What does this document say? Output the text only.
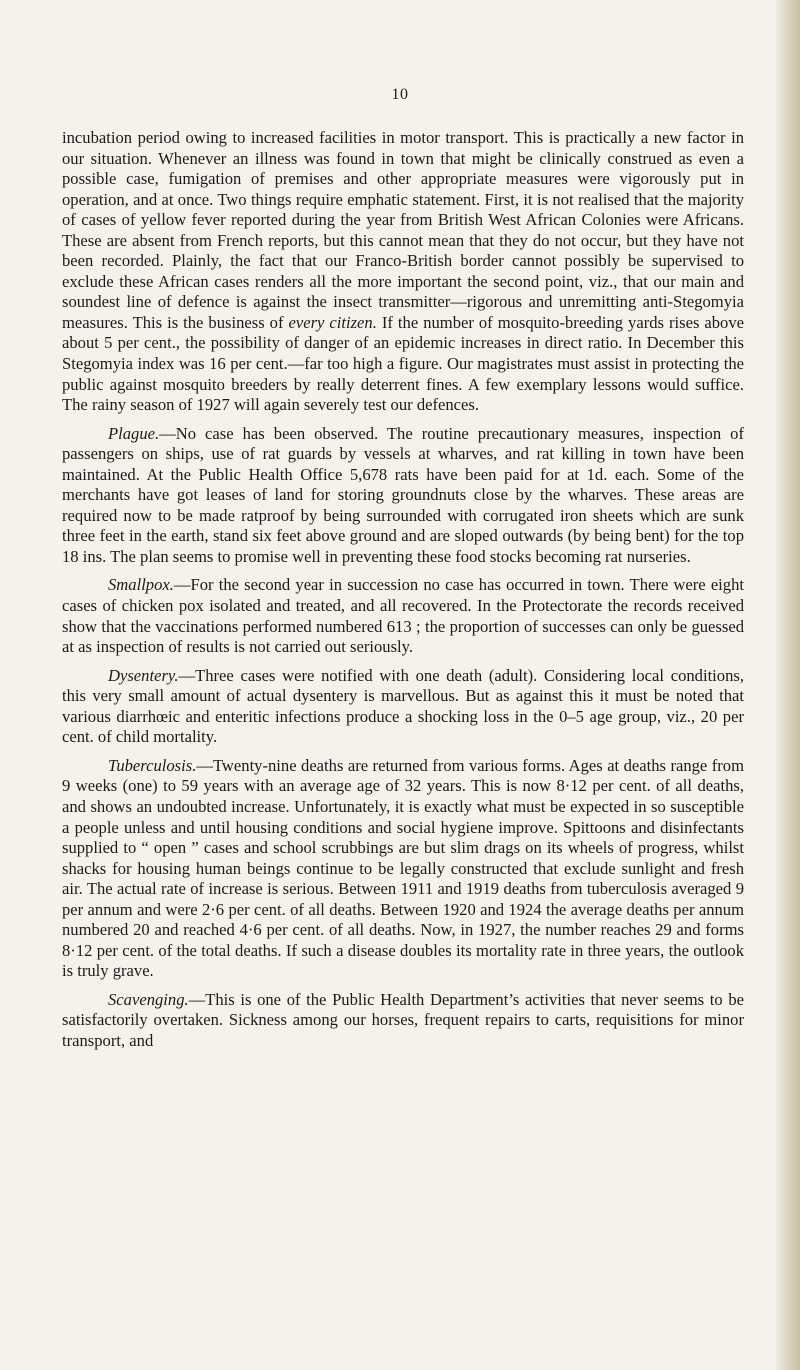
10

incubation period owing to increased facilities in motor transport. This is practically a new factor in our situation. Whenever an illness was found in town that might be clinically construed as even a possible case, fumigation of premises and other appropriate measures were vigorously put in operation, and at once. Two things require emphatic statement. First, it is not realised that the majority of cases of yellow fever reported during the year from British West African Colonies were Africans. These are absent from French reports, but this cannot mean that they do not occur, but they have not been recorded. Plainly, the fact that our Franco-British border cannot possibly be supervised to exclude these African cases renders all the more important the second point, viz., that our main and soundest line of defence is against the insect transmitter—rigorous and unremitting anti-Stegomyia measures. This is the business of every citizen. If the number of mosquito-breeding yards rises above about 5 per cent., the possibility of danger of an epidemic increases in direct ratio. In December this Stegomyia index was 16 per cent.—far too high a figure. Our magistrates must assist in protecting the public against mosquito breeders by really deterrent fines. A few exemplary lessons would suffice. The rainy season of 1927 will again severely test our defences.

Plague.—No case has been observed. The routine precautionary measures, inspection of passengers on ships, use of rat guards by vessels at wharves, and rat killing in town have been maintained. At the Public Health Office 5,678 rats have been paid for at 1d. each. Some of the merchants have got leases of land for storing groundnuts close by the wharves. These areas are required now to be made ratproof by being surrounded with corrugated iron sheets which are sunk three feet in the earth, stand six feet above ground and are sloped outwards (by being bent) for the top 18 ins. The plan seems to promise well in preventing these food stocks becoming rat nurseries.

Smallpox.—For the second year in succession no case has occurred in town. There were eight cases of chicken pox isolated and treated, and all recovered. In the Protectorate the records received show that the vaccinations performed numbered 613 ; the proportion of successes can only be guessed at as inspection of results is not carried out seriously.

Dysentery.—Three cases were notified with one death (adult). Considering local conditions, this very small amount of actual dysentery is marvellous. But as against this it must be noted that various diarrhœic and enteritic infections produce a shocking loss in the 0–5 age group, viz., 20 per cent. of child mortality.

Tuberculosis.—Twenty-nine deaths are returned from various forms. Ages at deaths range from 9 weeks (one) to 59 years with an average age of 32 years. This is now 8·12 per cent. of all deaths, and shows an undoubted increase. Unfortunately, it is exactly what must be expected in so susceptible a people unless and until housing conditions and social hygiene improve. Spittoons and disinfectants supplied to “ open ” cases and school scrubbings are but slim drags on its wheels of progress, whilst shacks for housing human beings continue to be legally constructed that exclude sunlight and fresh air. The actual rate of increase is serious. Between 1911 and 1919 deaths from tuberculosis averaged 9 per annum and were 2·6 per cent. of all deaths. Between 1920 and 1924 the average deaths per annum numbered 20 and reached 4·6 per cent. of all deaths. Now, in 1927, the number reaches 29 and forms 8·12 per cent. of the total deaths. If such a disease doubles its mortality rate in three years, the outlook is truly grave.

Scavenging.—This is one of the Public Health Department’s activities that never seems to be satisfactorily overtaken. Sickness among our horses, frequent repairs to carts, requisitions for minor transport, and
